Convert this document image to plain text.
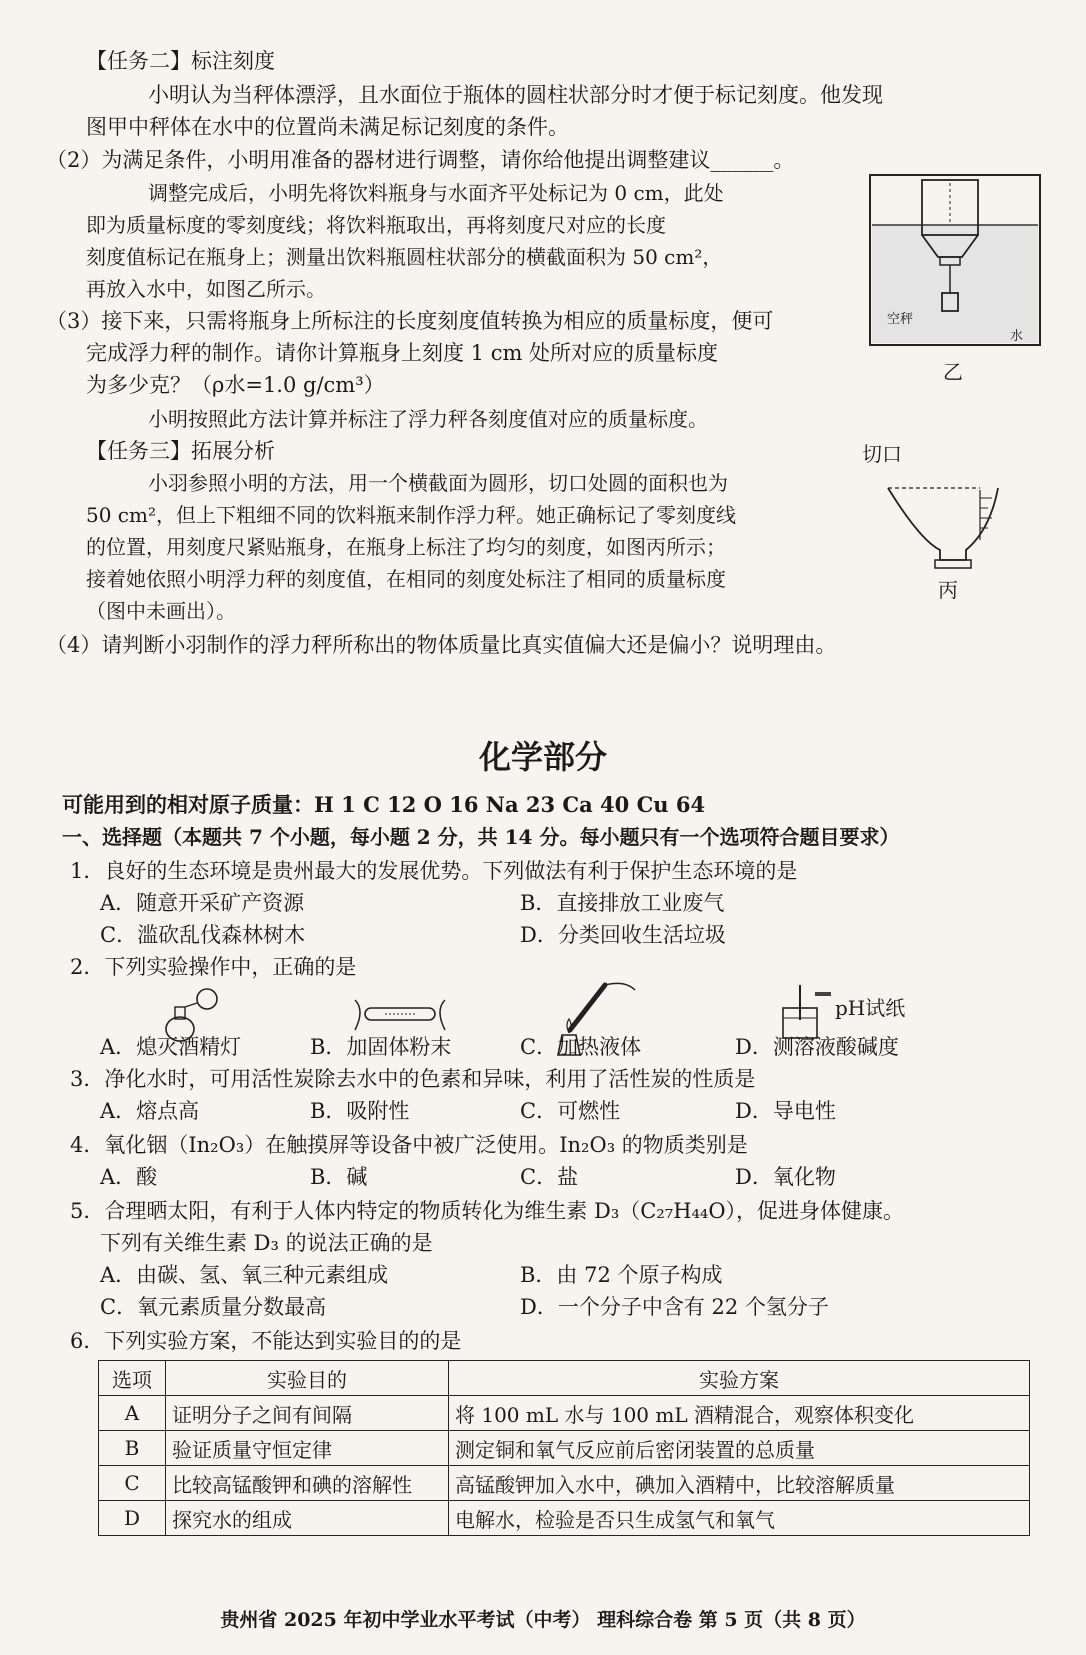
【任务二】标注刻度
小明认为当秤体漂浮，且水面位于瓶体的圆柱状部分时才便于标记刻度。他发现
图甲中秤体在水中的位置尚未满足标记刻度的条件。
（2）为满足条件，小明用准备的器材进行调整，请你给他提出调整建议______。
调整完成后，小明先将饮料瓶身与水面齐平处标记为 0 cm，此处
即为质量标度的零刻度线；将饮料瓶取出，再将刻度尺对应的长度
刻度值标记在瓶身上；测量出饮料瓶圆柱状部分的横截面积为 50 cm²，
再放入水中，如图乙所示。
（3）接下来，只需将瓶身上所标注的长度刻度值转换为相应的质量标度，便可
完成浮力秤的制作。请你计算瓶身上刻度 1 cm 处所对应的质量标度
为多少克？（ρ水=1.0 g/cm³）
小明按照此方法计算并标注了浮力秤各刻度值对应的质量标度。
【任务三】拓展分析
小羽参照小明的方法，用一个横截面为圆形，切口处圆的面积也为
50 cm²，但上下粗细不同的饮料瓶来制作浮力秤。她正确标记了零刻度线
的位置，用刻度尺紧贴瓶身，在瓶身上标注了均匀的刻度，如图丙所示；
接着她依照小明浮力秤的刻度值，在相同的刻度处标注了相同的质量标度
（图中未画出）。
（4）请判断小羽制作的浮力秤所称出的物体质量比真实值偏大还是偏小？说明理由。
空秤
水
乙
切口
丙
化学部分
可能用到的相对原子质量：H 1 C 12 O 16 Na 23 Ca 40 Cu 64
一、选择题（本题共 7 个小题，每小题 2 分，共 14 分。每小题只有一个选项符合题目要求）
1．良好的生态环境是贵州最大的发展优势。下列做法有利于保护生态环境的是
A．随意开采矿产资源	B．直接排放工业废气
C．滥砍乱伐森林树木	D．分类回收生活垃圾
2．下列实验操作中，正确的是
pH试纸
A．熄灭酒精灯	B．加固体粉末	C．加热液体	D．测溶液酸碱度
3．净化水时，可用活性炭除去水中的色素和异味，利用了活性炭的性质是
A．熔点高	B．吸附性	C．可燃性	D．导电性
4．氧化铟（In₂O₃）在触摸屏等设备中被广泛使用。In₂O₃ 的物质类别是
A．酸	B．碱	C．盐	D．氧化物
5．合理晒太阳，有利于人体内特定的物质转化为维生素 D₃（C₂₇H₄₄O），促进身体健康。
下列有关维生素 D₃ 的说法正确的是
A．由碳、氢、氧三种元素组成	B．由 72 个原子构成
C．氧元素质量分数最高	D．一个分子中含有 22 个氢分子
6．下列实验方案，不能达到实验目的的是
选项	实验目的	实验方案
A	证明分子之间有间隔	将 100 mL 水与 100 mL 酒精混合，观察体积变化
B	验证质量守恒定律	测定铜和氧气反应前后密闭装置的总质量
C	比较高锰酸钾和碘的溶解性	高锰酸钾加入水中，碘加入酒精中，比较溶解质量
D	探究水的组成	电解水，检验是否只生成氢气和氧气
贵州省 2025 年初中学业水平考试（中考） 理科综合卷 第 5 页（共 8 页）
